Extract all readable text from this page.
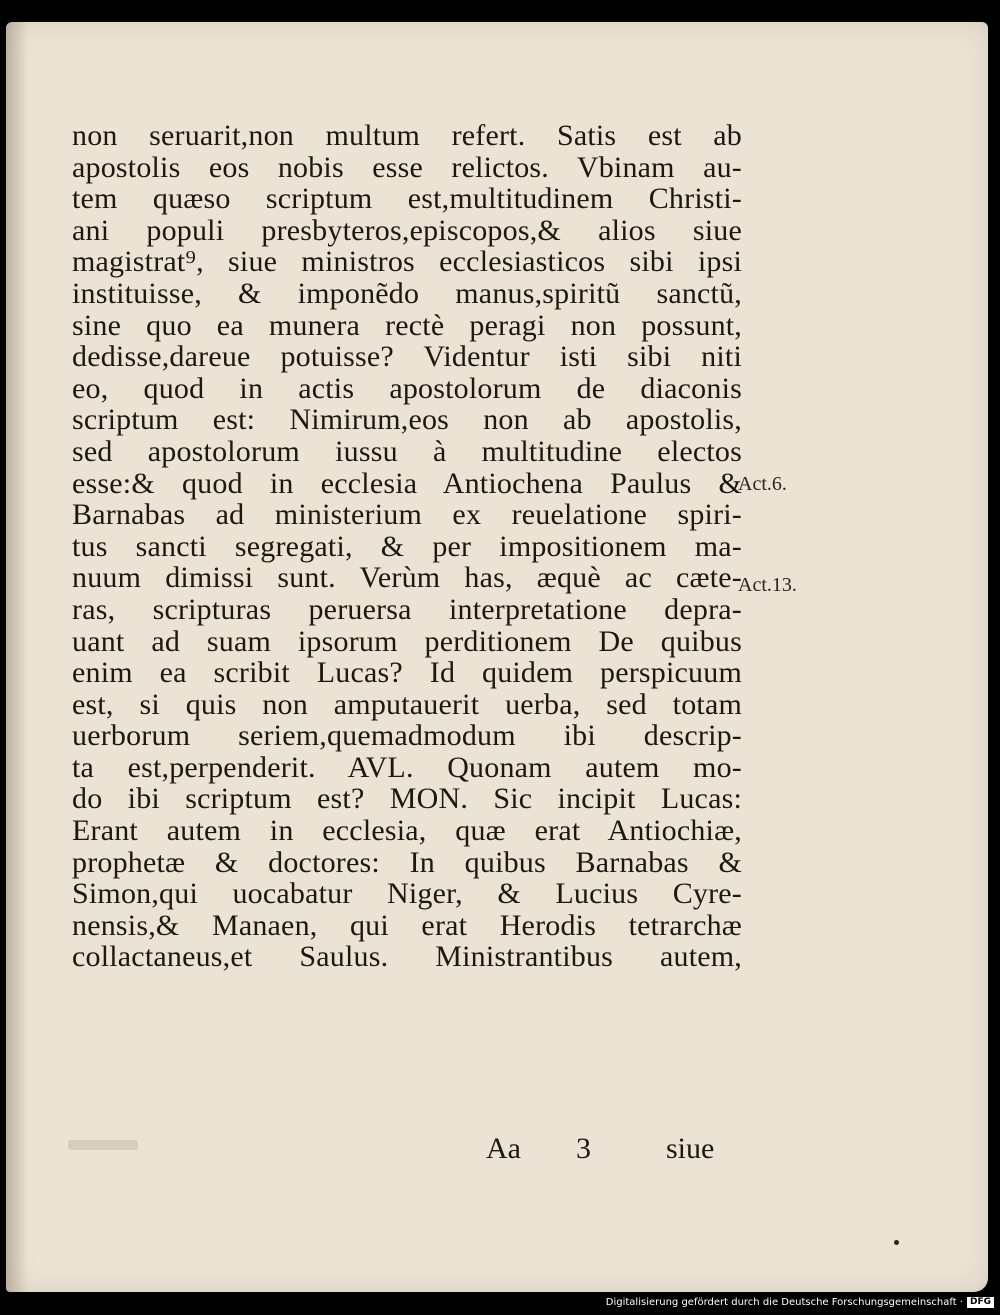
non seruarit,non multum refert. Satis est ab
apostolis eos nobis esse relictos. Vbinam au-
tem quæso scriptum est,multitudinem Christi-
ani populi presbyteros,episcopos,& alios siue
magistrat⁹, siue ministros ecclesiasticos sibi ipsi
instituisse, & imponẽdo manus,spiritũ sanctũ,
sine quo ea munera rectè peragi non possunt,
dedisse,dareue potuisse? Videntur isti sibi niti
eo, quod in actis apostolorum de diaconis
scriptum est: Nimirum,eos non ab apostolis,
sed apostolorum iussu à multitudine electos
esse:& quod in ecclesia Antiochena Paulus &
Barnabas ad ministerium ex reuelatione spiri-
tus sancti segregati, & per impositionem ma-
nuum dimissi sunt. Verùm has, æquè ac cæte-
ras, scripturas peruersa interpretatione depra-
uant ad suam ipsorum perditionem De quibus
enim ea scribit Lucas? Id quidem perspicuum
est, si quis non amputauerit uerba, sed totam
uerborum seriem,quemadmodum ibi descrip-
ta est,perpenderit. AVL. Quonam autem mo-
do ibi scriptum est? MON. Sic incipit Lucas:
Erant autem in ecclesia, quæ erat Antiochiæ,
prophetæ & doctores: In quibus Barnabas &
Simon,qui uocabatur Niger, & Lucius Cyre-
nensis,& Manaen, qui erat Herodis tetrarchæ
collactaneus,et Saulus. Ministrantibus autem,
Act.6.
Act.13.
Aa 3	siue
Digitalisierung gefördert durch die Deutsche Forschungsgemeinschaft · DFG
